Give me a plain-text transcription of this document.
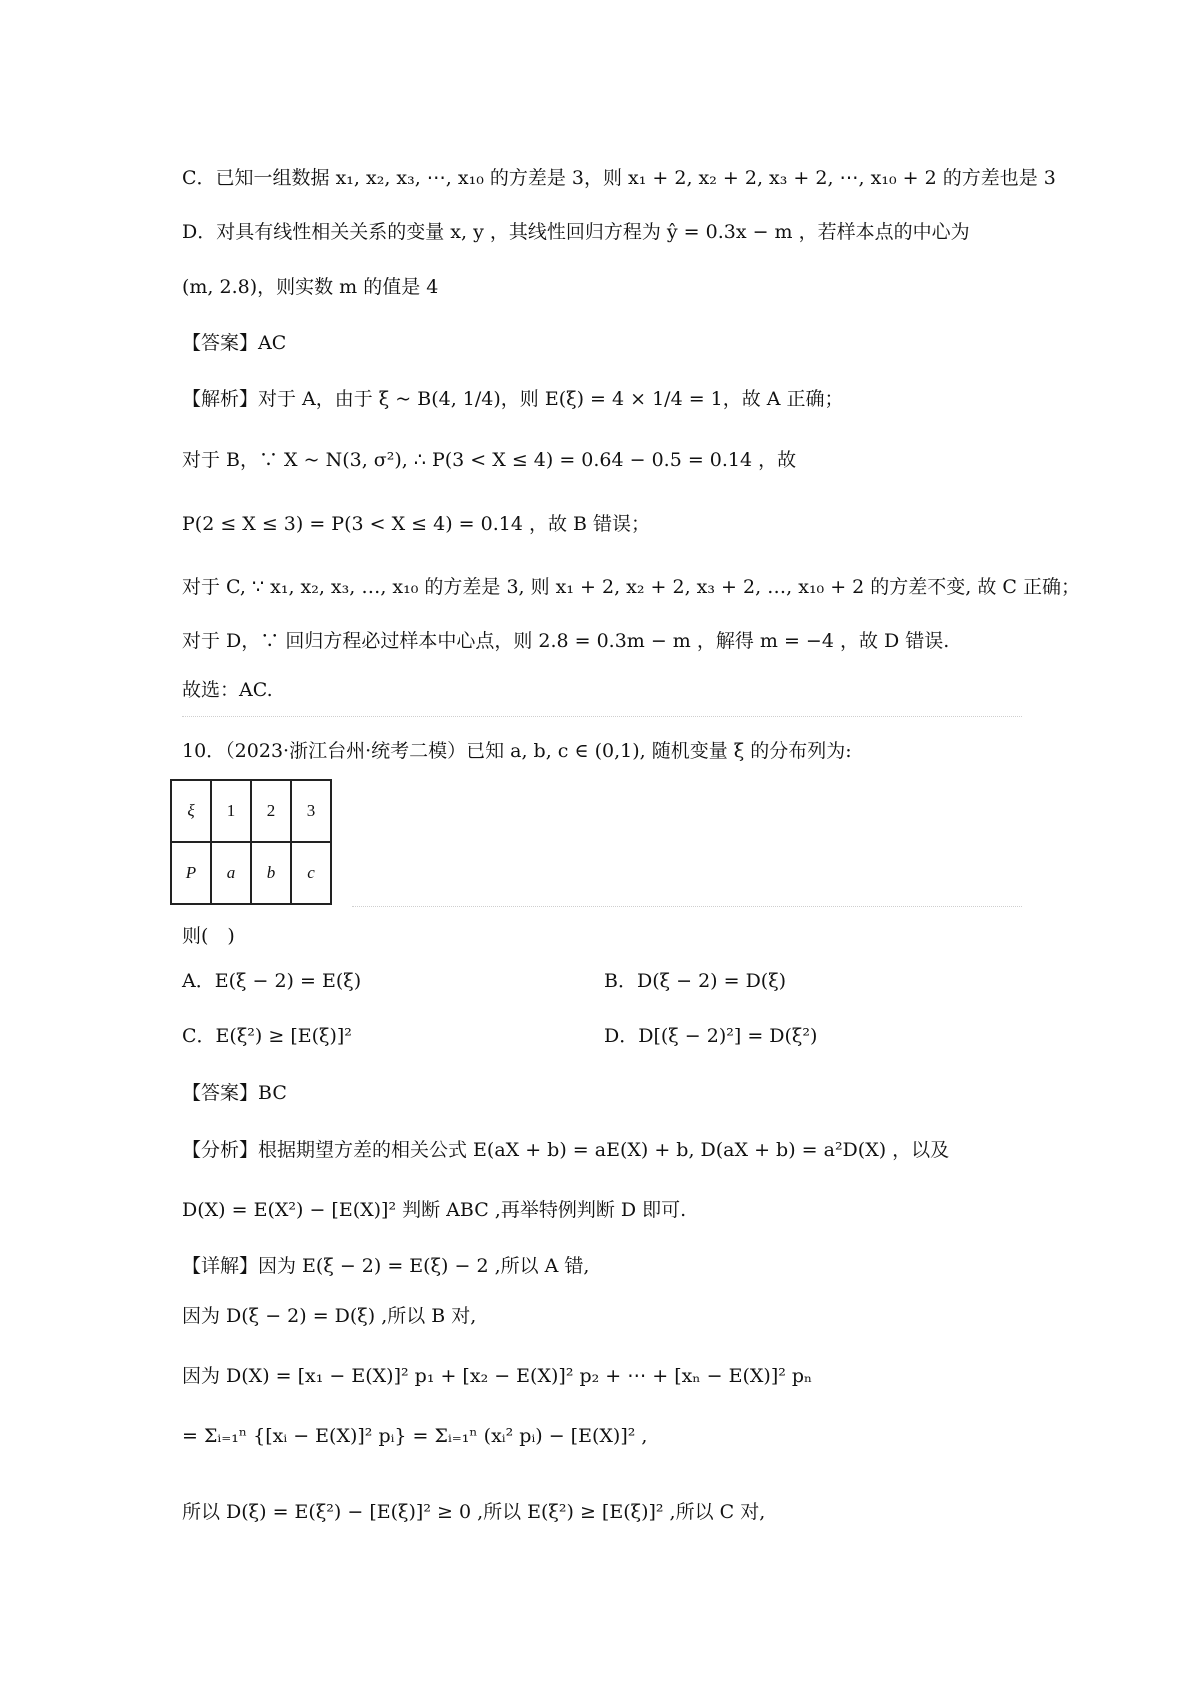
C．已知一组数据 x₁, x₂, x₃, ⋯, x₁₀ 的方差是 3，则 x₁ + 2, x₂ + 2, x₃ + 2, ⋯, x₁₀ + 2 的方差也是 3
D．对具有线性相关关系的变量 x, y ，其线性回归方程为 ŷ = 0.3x − m ，若样本点的中心为
(m, 2.8)，则实数 m 的值是 4
【答案】AC
【解析】对于 A，由于 ξ ~ B(4, 1/4)，则 E(ξ) = 4 × 1/4 = 1，故 A 正确；
对于 B，∵ X ~ N(3, σ²), ∴ P(3 < X ≤ 4) = 0.64 − 0.5 = 0.14 ，故
P(2 ≤ X ≤ 3) = P(3 < X ≤ 4) = 0.14 ，故 B 错误；
对于 C, ∵ x₁, x₂, x₃, …, x₁₀ 的方差是 3, 则 x₁ + 2, x₂ + 2, x₃ + 2, …, x₁₀ + 2 的方差不变, 故 C 正确；
对于 D，∵ 回归方程必过样本中心点，则 2.8 = 0.3m − m ，解得 m = −4 ，故 D 错误.
故选：AC.
10．（2023·浙江台州·统考二模）已知 a, b, c ∈ (0,1), 随机变量 ξ 的分布列为:
ξ	1	2	3
P	a	b	c
则(　)
A．E(ξ − 2) = E(ξ)	B．D(ξ − 2) = D(ξ)
C．E(ξ²) ≥ [E(ξ)]²	D．D[(ξ − 2)²] = D(ξ²)
【答案】BC
【分析】根据期望方差的相关公式 E(aX + b) = aE(X) + b, D(aX + b) = a²D(X) ，以及
D(X) = E(X²) − [E(X)]² 判断 ABC ,再举特例判断 D 即可.
【详解】因为 E(ξ − 2) = E(ξ) − 2 ,所以 A 错,
因为 D(ξ − 2) = D(ξ) ,所以 B 对,
因为 D(X) = [x₁ − E(X)]² p₁ + [x₂ − E(X)]² p₂ + ⋯ + [xₙ − E(X)]² pₙ
= Σᵢ₌₁ⁿ {[xᵢ − E(X)]² pᵢ} = Σᵢ₌₁ⁿ (xᵢ² pᵢ) − [E(X)]² ,
所以 D(ξ) = E(ξ²) − [E(ξ)]² ≥ 0 ,所以 E(ξ²) ≥ [E(ξ)]² ,所以 C 对,
